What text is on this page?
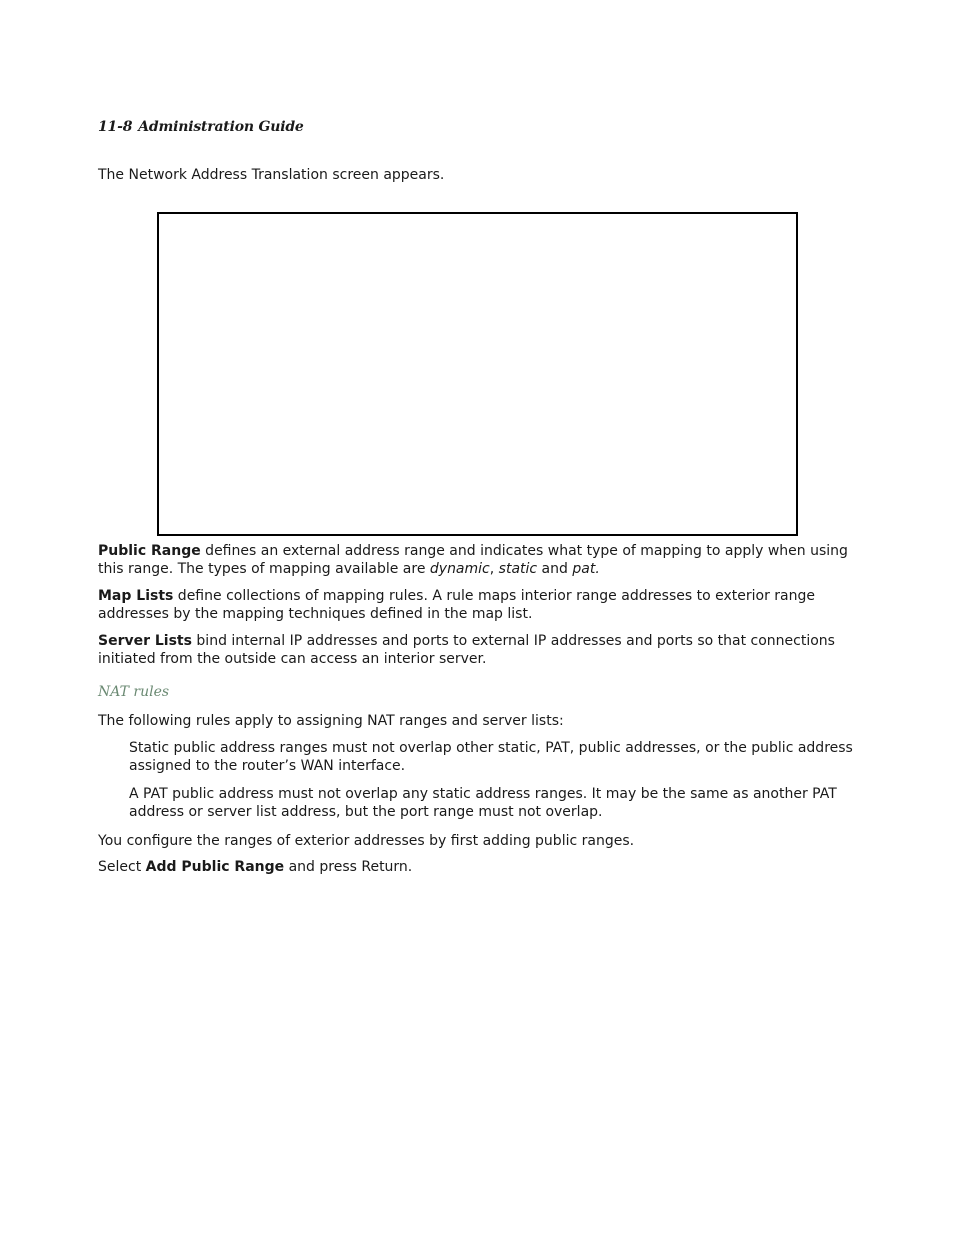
11-8 Administration Guide

The Network Address Translation screen appears.

Public Range defines an external address range and indicates what type of mapping to apply when using this range. The types of mapping available are dynamic, static and pat.

Map Lists define collections of mapping rules. A rule maps interior range addresses to exterior range addresses by the mapping techniques defined in the map list.

Server Lists bind internal IP addresses and ports to external IP addresses and ports so that connections initiated from the outside can access an interior server.

NAT rules

The following rules apply to assigning NAT ranges and server lists:

Static public address ranges must not overlap other static, PAT, public addresses, or the public address assigned to the router’s WAN interface.

A PAT public address must not overlap any static address ranges. It may be the same as another PAT address or server list address, but the port range must not overlap.

You configure the ranges of exterior addresses by first adding public ranges.

Select Add Public Range and press Return.
